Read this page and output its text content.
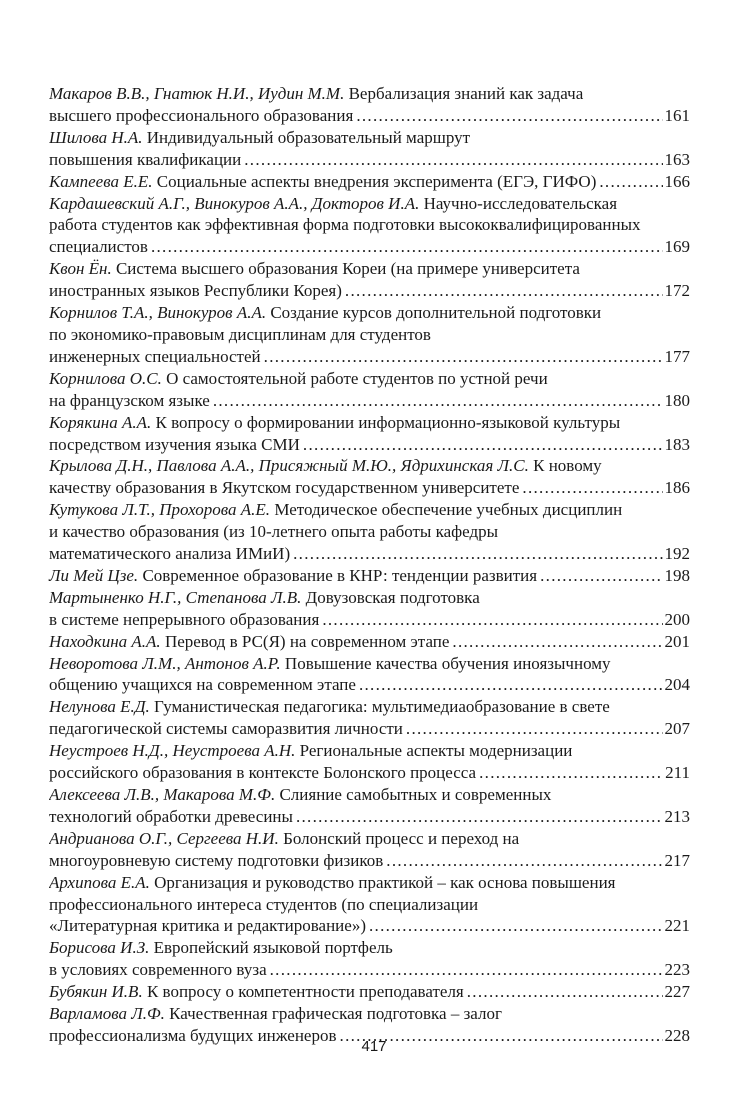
Макаров В.В., Гнатюк Н.И., Иудин М.М. Вербализация знаний как задача
высшего профессионального образования .....	161
Шилова Н.А. Индивидуальный образовательный маршрут
повышения квалификации .....	163
Кампеева Е.Е. Социальные аспекты внедрения эксперимента (ЕГЭ, ГИФО) .....	166
Кардашевский А.Г., Винокуров А.А., Докторов И.А. Научно-исследовательская
работа студентов как эффективная форма подготовки высококвалифицированных
специалистов .....	169
Квон Ён. Система высшего образования Кореи (на примере университета
иностранных языков Республики Корея) .....	172
Корнилов Т.А., Винокуров А.А. Создание курсов дополнительной подготовки
по экономико-правовым дисциплинам для студентов
инженерных специальностей .....	177
Корнилова О.С. О самостоятельной работе студентов по устной речи
на французском языке .....	180
Корякина А.А. К вопросу о формировании информационно-языковой культуры
посредством изучения языка СМИ .....	183
Крылова Д.Н., Павлова А.А., Присяжный М.Ю., Ядрихинская Л.С. К новому
качеству образования в Якутском государственном университете .....	186
Кутукова Л.Т., Прохорова А.Е. Методическое обеспечение учебных дисциплин
и качество образования (из 10-летнего опыта работы кафедры
математического анализа ИМиИ) .....	192
Ли Мей Цзе. Современное образование в КНР: тенденции развития .....	198
Мартыненко Н.Г., Степанова Л.В. Довузовская подготовка
в системе непрерывного образования .....	200
Находкина А.А. Перевод в РС(Я) на современном этапе .....	201
Неворотова Л.М., Антонов А.Р. Повышение качества обучения иноязычному
общению учащихся на современном этапе .....	204
Нелунова Е.Д. Гуманистическая педагогика: мультимедиаобразование в свете
педагогической системы саморазвития личности .....	207
Неустроев Н.Д., Неустроева А.Н. Региональные аспекты модернизации
российского образования в контексте Болонского процесса .....	211
Алексеева Л.В., Макарова М.Ф. Слияние самобытных и современных
технологий обработки древесины .....	213
Андрианова О.Г., Сергеева Н.И. Болонский процесс и переход на
многоуровневую систему подготовки физиков .....	217
Архипова Е.А. Организация и руководство практикой – как основа повышения
профессионального интереса студентов (по специализации
«Литературная критика и редактирование») .....	221
Борисова И.З. Европейский языковой портфель
в условиях современного вуза .....	223
Бубякин И.В. К вопросу о компетентности преподавателя .....	227
Варламова Л.Ф. Качественная графическая подготовка – залог
профессионализма будущих инженеров .....	228
417
